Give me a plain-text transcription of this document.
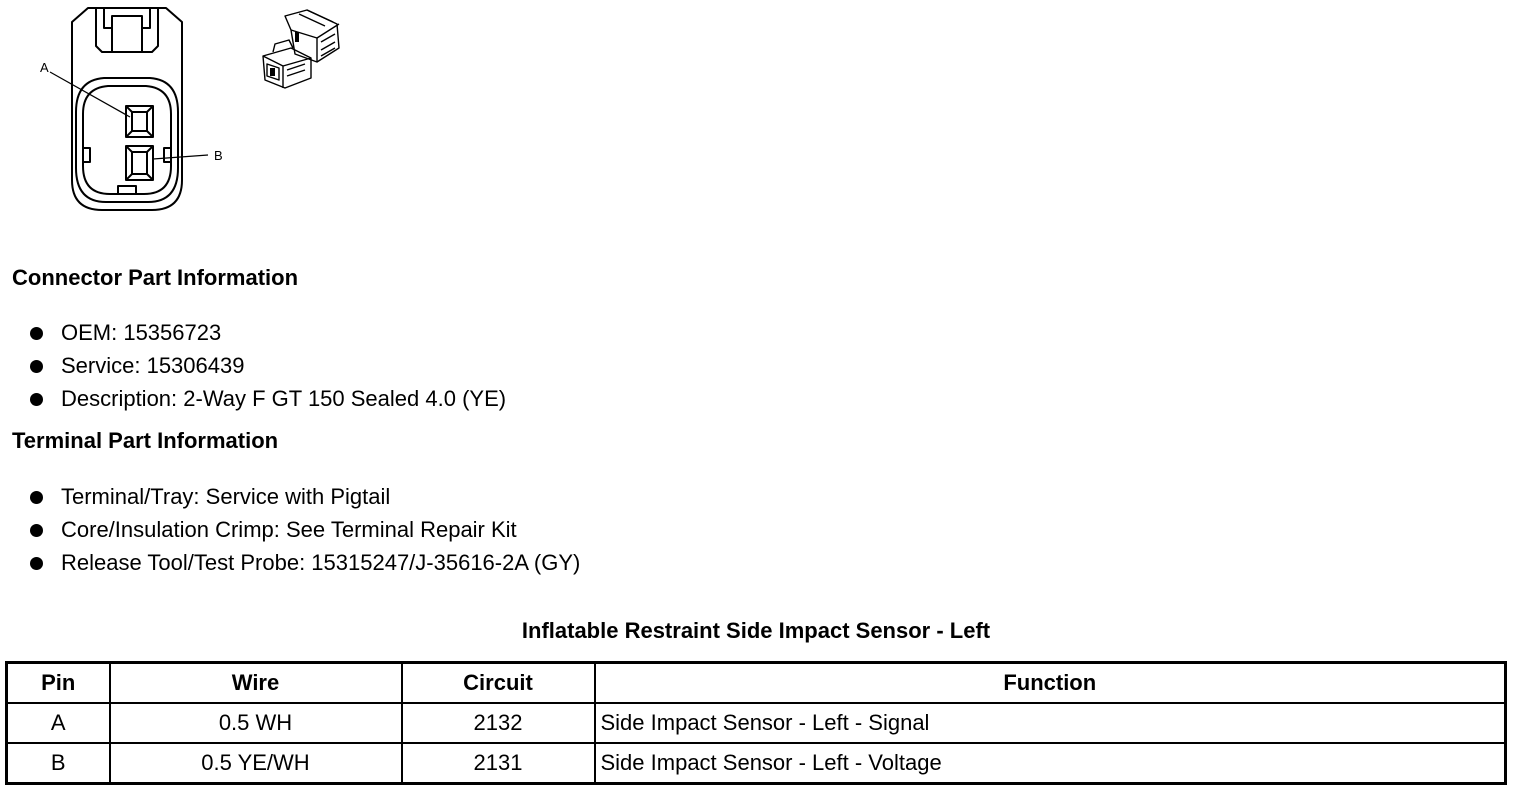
A
B
Connector Part Information
OEM: 15356723
Service: 15306439
Description: 2-Way F GT 150 Sealed 4.0 (YE)
Terminal Part Information
Terminal/Tray: Service with Pigtail
Core/Insulation Crimp: See Terminal Repair Kit
Release Tool/Test Probe: 15315247/J-35616-2A (GY)
Inflatable Restraint Side Impact Sensor - Left
Pin	Wire	Circuit	Function
A	0.5 WH	2132	Side Impact Sensor - Left - Signal
B	0.5 YE/WH	2131	Side Impact Sensor - Left - Voltage
